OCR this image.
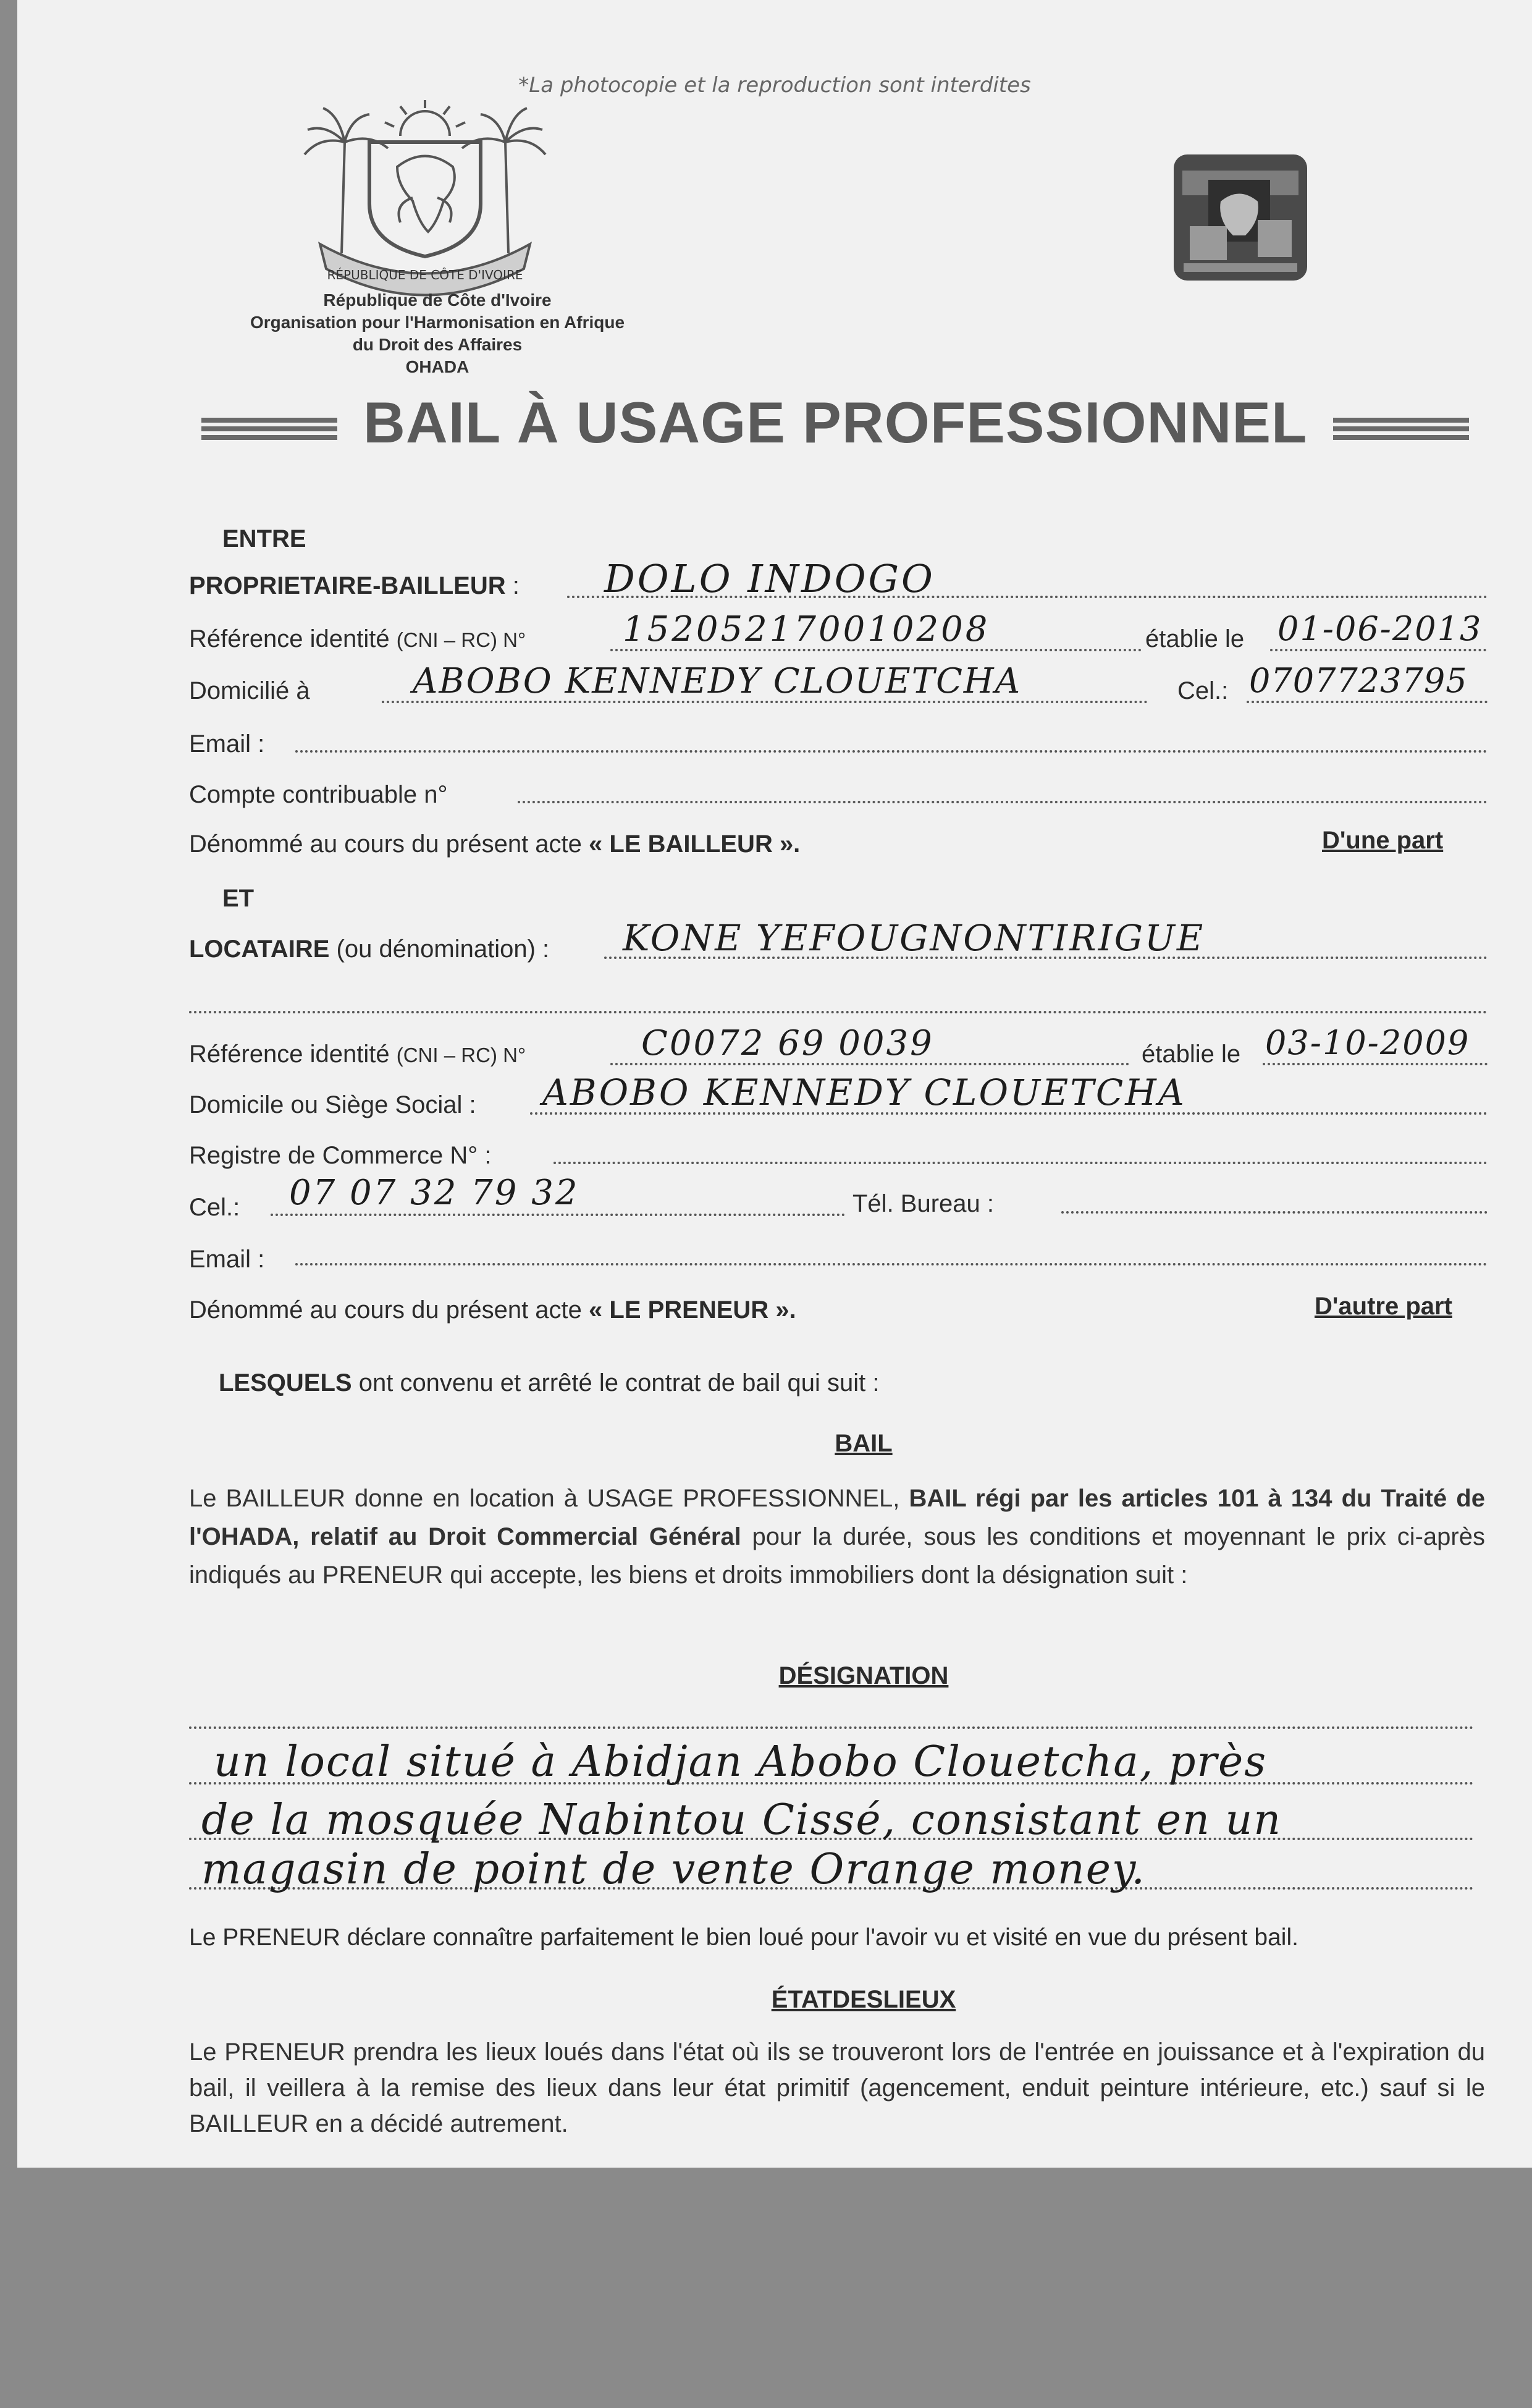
*La photocopie et la reproduction sont interdites
RÉPUBLIQUE DE CÔTE D'IVOIRE
République de Côte d'Ivoire
Organisation pour l'Harmonisation en Afrique
du Droit des Affaires
OHADA
BAIL À USAGE PROFESSIONNEL
ENTRE
PROPRIETAIRE-BAILLEUR : DOLO INDOGO
Référence identité (CNI – RC) N°	152052170010208	établie le 01-06-2013
Domicilié à	ABOBO KENNEDY CLOUETCHA	Cel.: 0707723795
Email :
Compte contribuable n°
Dénommé au cours du présent acte « LE BAILLEUR ».	D'une part
ET
LOCATAIRE (ou dénomination) : KONE YEFOUGNONTIRIGUE
Référence identité (CNI – RC) N°	C0072 69 0039	établie le 03-10-2009
Domicile ou Siège Social : ABOBO KENNEDY CLOUETCHA
Registre de Commerce N° :
Cel.: 07 07 32 79 32	Tél. Bureau :
Email :
Dénommé au cours du présent acte « LE PRENEUR ».	D'autre part
LESQUELS ont convenu et arrêté le contrat de bail qui suit :
BAIL
Le BAILLEUR donne en location à USAGE PROFESSIONNEL, BAIL régi par les articles 101 à 134 du Traité de l'OHADA, relatif au Droit Commercial Général pour la durée, sous les conditions et moyennant le prix ci-après indiqués au PRENEUR qui accepte, les biens et droits immobiliers dont la désignation suit :
DÉSIGNATION
un local situé à Abidjan Abobo Clouetcha, près
de la mosquée Nabintou Cissé, consistant en un
magasin de point de vente Orange money.
Le PRENEUR déclare connaître parfaitement le bien loué pour l'avoir vu et visité en vue du présent bail.
ÉTATDESLIEUX
Le PRENEUR prendra les lieux loués dans l'état où ils se trouveront lors de l'entrée en jouissance et à l'expiration du bail, il veillera à la remise des lieux dans leur état primitif (agencement, enduit peinture intérieure, etc.) sauf si le BAILLEUR en a décidé autrement.
